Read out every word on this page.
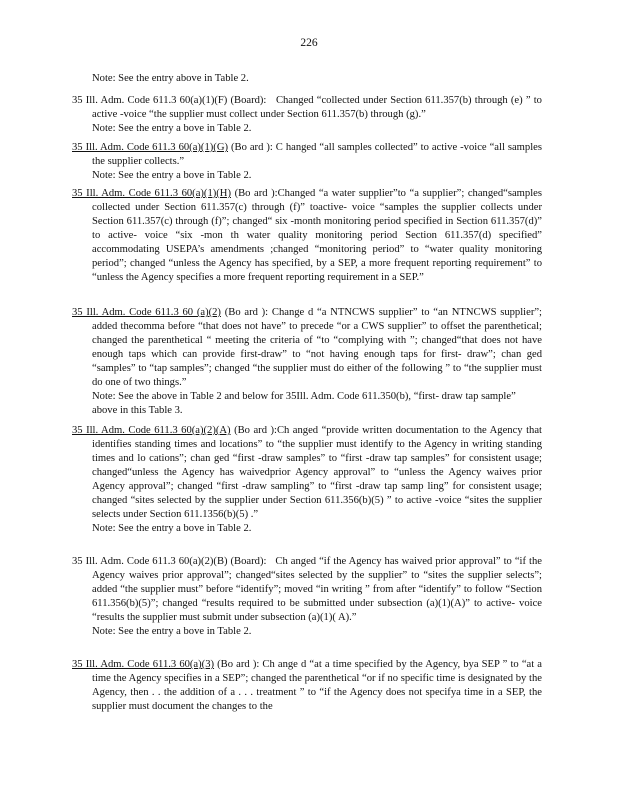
226
Note: See the entry above in Table 2.
35 Ill. Adm. Code 611.3 60(a)(1)(F) (Board): Changed “collected under Section 611.357(b) through (e) ” to active -voice “the supplier must collect under Section 611.357(b) through (g).”
Note: See the entry a bove in Table 2.
35 Ill. Adm. Code 611.3 60(a)(1)(G) (Bo ard ): C hanged “all samples collected” to active -voice “all samples the supplier collects.”
Note: See the entry a bove in Table 2.
35 Ill. Adm. Code 611.3 60(a)(1)(H) (Bo ard ):Changed “a water supplier”to “a supplier”; changed“samples collected under Section 611.357(c) through (f)” toactive- voice “samples the supplier collects under Section 611.357(c) through (f)”; changed“ six -month monitoring period specified in Section 611.357(d)” to active- voice “six -mon th water quality monitoring period Section 611.357(d) specified” accommodating USEPA’s amendments ;changed “monitoring period” to “water quality monitoring period”; changed “unless the Agency has specified, by a SEP, a more frequent reporting requirement” to “unless the Agency specifies a more frequent reporting requirement in a SEP.”
35 Ill. Adm. Code 611.3 60 (a)(2) (Bo ard ): Change d “a NTNCWS supplier” to “an NTNCWS supplier”; added thecomma before “that does not have” to precede “or a CWS supplier” to offset the parenthetical; changed the parenthetical “ meeting the criteria of “to “complying with ”; changed“that does not have enough taps which can provide first-draw” to “not having enough taps for first- draw”; chan ged “samples” to “tap samples”; changed “the supplier must do either of the following ” to “the supplier must do one of two things.”
Note: See the above in Table 2 and below for 35Ill. Adm. Code 611.350(b), “first- draw tap sample” above in this Table 3.
35 Ill. Adm. Code 611.3 60(a)(2)(A) (Bo ard ):Ch anged “provide written documentation to the Agency that identifies standing times and locations” to “the supplier must identify to the Agency in writing standing times and lo cations”; chan ged “first -draw samples” to “first -draw tap samples” for consistent usage; changed“unless the Agency has waivedprior Agency approval” to “unless the Agency waives prior Agency approval”; changed “first -draw sampling” to “first -draw tap samp ling” for consistent usage; changed “sites selected by the supplier under Section 611.356(b)(5) ” to active -voice “sites the supplier selects under Section 611.1356(b)(5) .”
Note: See the entry a bove in Table 2.
35 Ill. Adm. Code 611.3 60(a)(2)(B) (Board): Ch anged “if the Agency has waived prior approval” to “if the Agency waives prior approval”; changed“sites selected by the supplier” to “sites the supplier selects”; added “the supplier must” before “identify”; moved “in writing ” from after “identify” to follow “Section 611.356(b)(5)”; changed “results required to be submitted under subsection (a)(1)(A)” to active- voice “results the supplier must submit under subsection (a)(1)( A).”
Note: See the entry a bove in Table 2.
35 Ill. Adm. Code 611.3 60(a)(3) (Bo ard ): Ch ange d “at a time specified by the Agency, bya SEP ” to “at a time the Agency specifies in a SEP”; changed the parenthetical “or if no specific time is designated by the Agency, then . . the addition of a . . . treatment ” to “if the Agency does not specifya time in a SEP, the supplier must document the changes to the
